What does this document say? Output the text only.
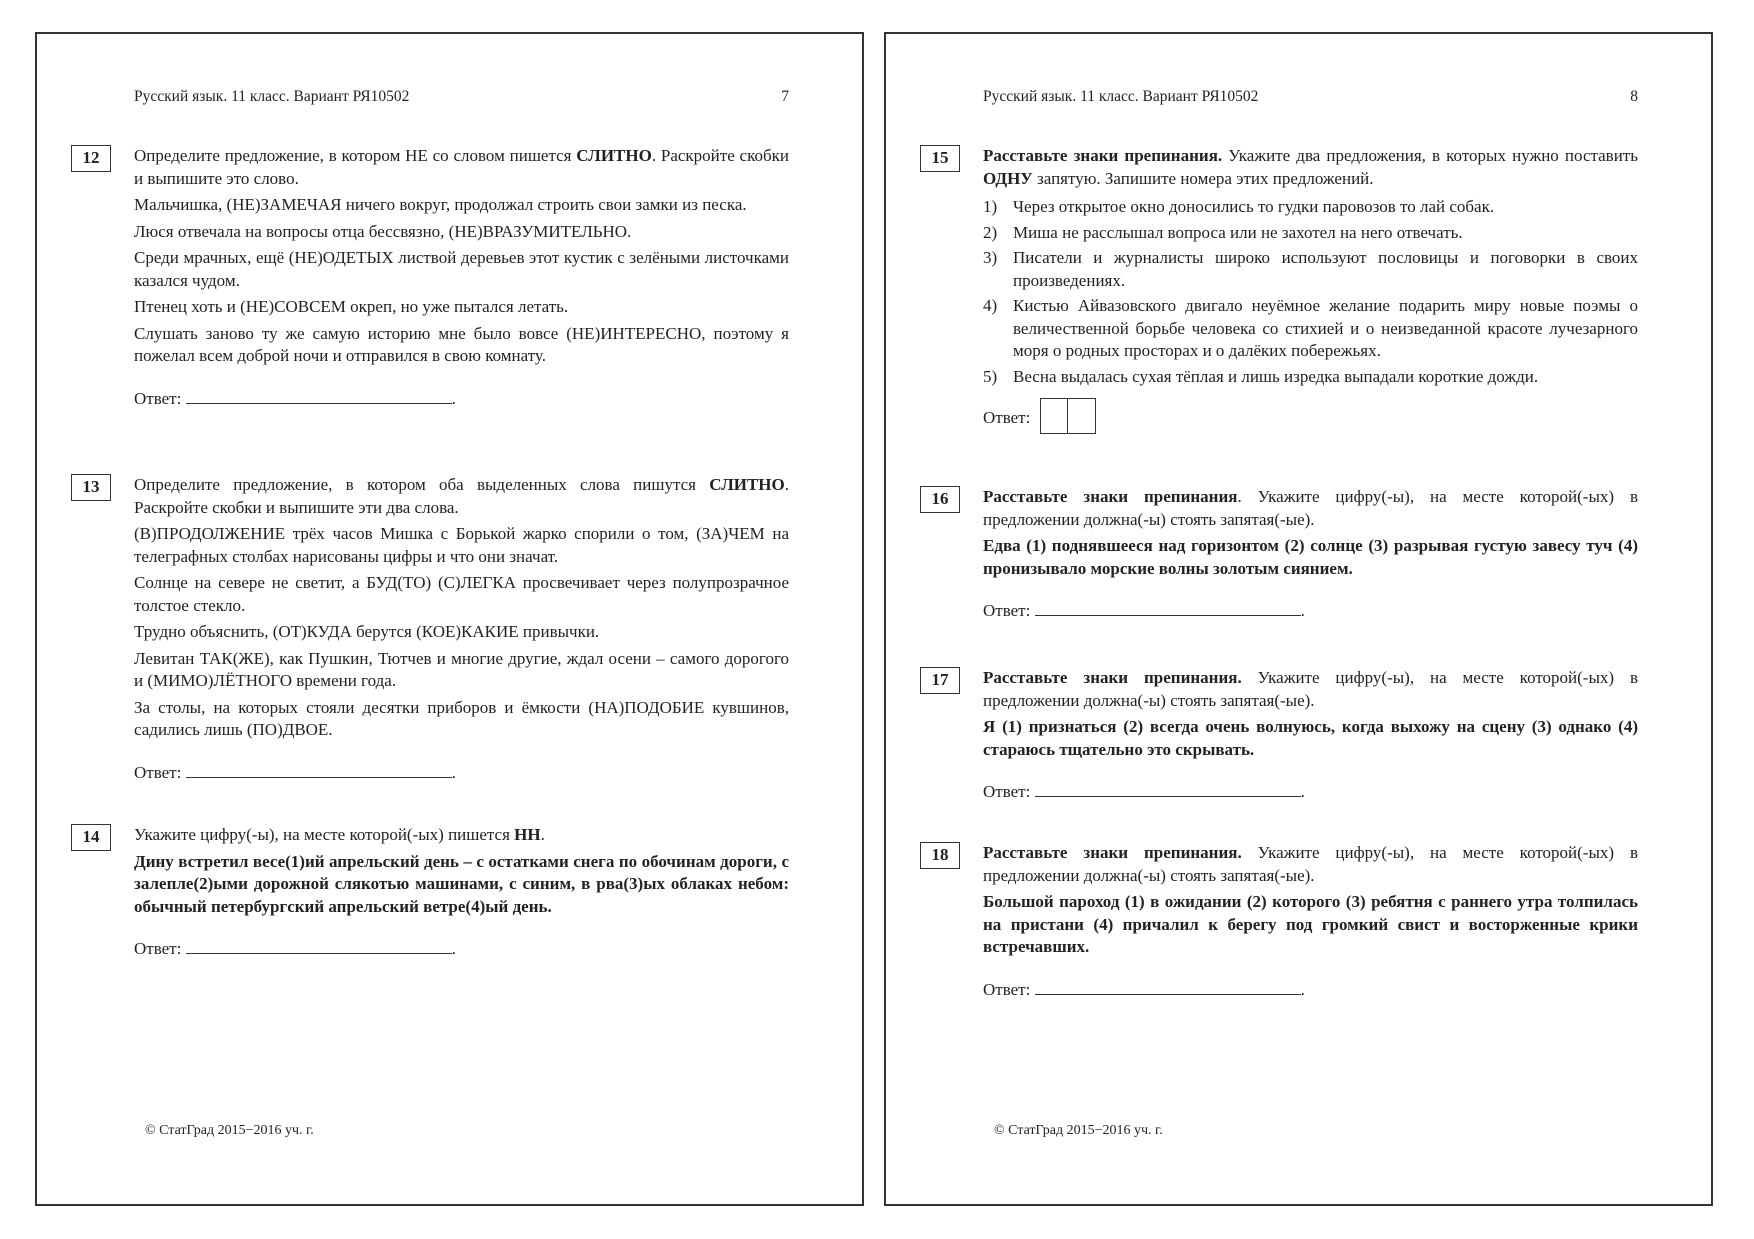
Русский язык. 11 класс. Вариант РЯ10502	7
12	Определите предложение, в котором НЕ со словом пишется СЛИТНО. Раскройте скобки и выпишите это слово.

Мальчишка, (НЕ)ЗАМЕЧАЯ ничего вокруг, продолжал строить свои замки из песка.

Люся отвечала на вопросы отца бессвязно, (НЕ)ВРАЗУМИТЕЛЬНО.

Среди мрачных, ещё (НЕ)ОДЕТЫХ листвой деревьев этот кустик с зелёными листочками казался чудом.

Птенец хоть и (НЕ)СОВСЕМ окреп, но уже пытался летать.

Слушать заново ту же самую историю мне было вовсе (НЕ)ИНТЕРЕСНО, поэтому я пожелал всем доброй ночи и отправился в свою комнату.

Ответ:	.
13	Определите предложение, в котором оба выделенных слова пишутся СЛИТНО. Раскройте скобки и выпишите эти два слова.

(В)ПРОДОЛЖЕНИЕ трёх часов Мишка с Борькой жарко спорили о том, (ЗА)ЧЕМ на телеграфных столбах нарисованы цифры и что они значат.

Солнце на севере не светит, а БУД(ТО) (С)ЛЕГКА просвечивает через полупрозрачное толстое стекло.

Трудно объяснить, (ОТ)КУДА берутся (КОЕ)КАКИЕ привычки.

Левитан ТАК(ЖЕ), как Пушкин, Тютчев и многие другие, ждал осени – самого дорогого и (МИМО)ЛЁТНОГО времени года.

За столы, на которых стояли десятки приборов и ёмкости (НА)ПОДОБИЕ кувшинов, садились лишь (ПО)ДВОЕ.

Ответ:	.
14	Укажите цифру(-ы), на месте которой(-ых) пишется НН.

Дину встретил весе(1)ий апрельский день – с остатками снега по обочинам дороги, с залепле(2)ыми дорожной слякотью машинами, с синим, в рва(3)ых облаках небом: обычный петербургский апрельский ветре(4)ый день.

Ответ:	.
© СтатГрад 2015−2016 уч. г.
Русский язык. 11 класс. Вариант РЯ10502	8
15	Расставьте знаки препинания. Укажите два предложения, в которых нужно поставить ОДНУ запятую. Запишите номера этих предложений.

1) Через открытое окно доносились то гудки паровозов то лай собак.
2) Миша не расслышал вопроса или не захотел на него отвечать.
3) Писатели и журналисты широко используют пословицы и поговорки в своих произведениях.
4) Кистью Айвазовского двигало неуёмное желание подарить миру новые поэмы о величественной борьбе человека со стихией и о неизведанной красоте лучезарного моря о родных просторах и о далёких побережьях.
5) Весна выдалась сухая тёплая и лишь изредка выпадали короткие дожди.
Ответ:
16	Расставьте знаки препинания. Укажите цифру(-ы), на месте которой(-ых) в предложении должна(-ы) стоять запятая(-ые).

Едва (1) поднявшееся над горизонтом (2) солнце (3) разрывая густую завесу туч (4) пронизывало морские волны золотым сиянием.

Ответ:	.
17	Расставьте знаки препинания. Укажите цифру(-ы), на месте которой(-ых) в предложении должна(-ы) стоять запятая(-ые).

Я (1) признаться (2) всегда очень волнуюсь, когда выхожу на сцену (3) однако (4) стараюсь тщательно это скрывать.

Ответ:	.
18	Расставьте знаки препинания. Укажите цифру(-ы), на месте которой(-ых) в предложении должна(-ы) стоять запятая(-ые).

Большой пароход (1) в ожидании (2) которого (3) ребятня с раннего утра толпилась на пристани (4) причалил к берегу под громкий свист и восторженные крики встречавших.

Ответ:	.
© СтатГрад 2015−2016 уч. г.
